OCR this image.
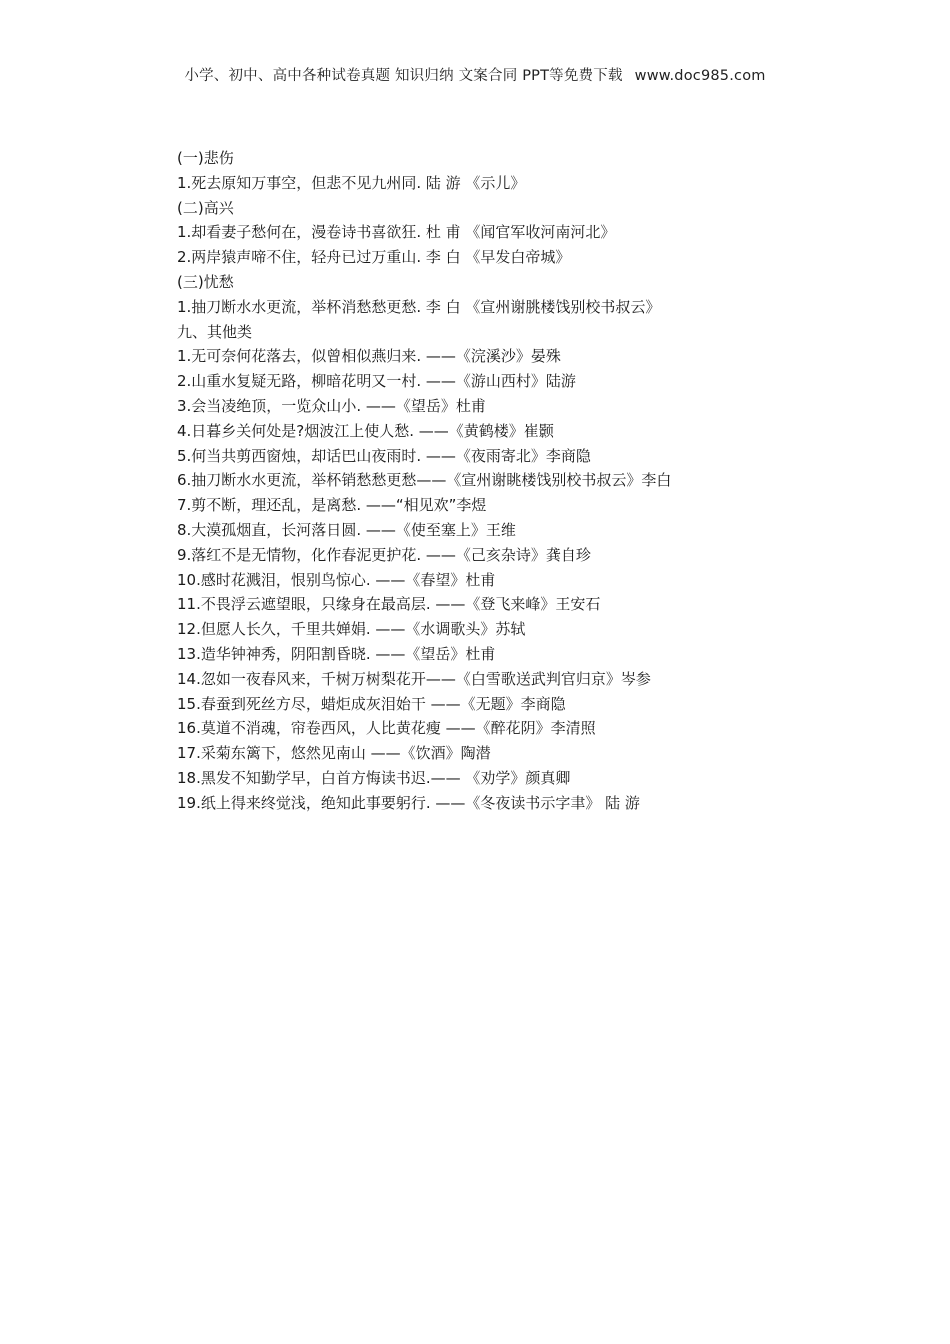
小学、初中、高中各种试卷真题 知识归纳 文案合同 PPT等免费下载 www.doc985.com
(一)悲伤
1.死去原知万事空，但悲不见九州同. 陆 游 《示儿》
(二)高兴
1.却看妻子愁何在，漫卷诗书喜欲狂. 杜 甫 《闻官军收河南河北》
2.两岸猿声啼不住，轻舟已过万重山. 李 白 《早发白帝城》
(三)忧愁
1.抽刀断水水更流，举杯消愁愁更愁. 李 白 《宣州谢朓楼饯别校书叔云》
九、其他类
1.无可奈何花落去，似曾相似燕归来. ——《浣溪沙》晏殊
2.山重水复疑无路，柳暗花明又一村. ——《游山西村》陆游
3.会当凌绝顶，一览众山小. ——《望岳》杜甫
4.日暮乡关何处是?烟波江上使人愁. ——《黄鹤楼》崔颢
5.何当共剪西窗烛，却话巴山夜雨时. ——《夜雨寄北》李商隐
6.抽刀断水水更流，举杯销愁愁更愁——《宣州谢眺楼饯别校书叔云》李白
7.剪不断，理还乱，是离愁. ——“相见欢”李煜
8.大漠孤烟直，长河落日圆. ——《使至塞上》王维
9.落红不是无情物，化作春泥更护花. ——《己亥杂诗》龚自珍
10.感时花溅泪，恨别鸟惊心. ——《春望》杜甫
11.不畏浮云遮望眼，只缘身在最高层. ——《登飞来峰》王安石
12.但愿人长久，千里共婵娟. ——《水调歌头》苏轼
13.造华钟神秀，阴阳割昏晓. ——《望岳》杜甫
14.忽如一夜春风来，千树万树梨花开——《白雪歌送武判官归京》岑参
15.春蚕到死丝方尽，蜡炬成灰泪始干 ——《无题》李商隐
16.莫道不消魂，帘卷西风，人比黄花瘦 ——《醉花阴》李清照
17.采菊东篱下，悠然见南山 ——《饮酒》陶潜
18.黑发不知勤学早，白首方悔读书迟.—— 《劝学》颜真卿
19.纸上得来终觉浅，绝知此事要躬行. ——《冬夜读书示字聿》 陆 游
